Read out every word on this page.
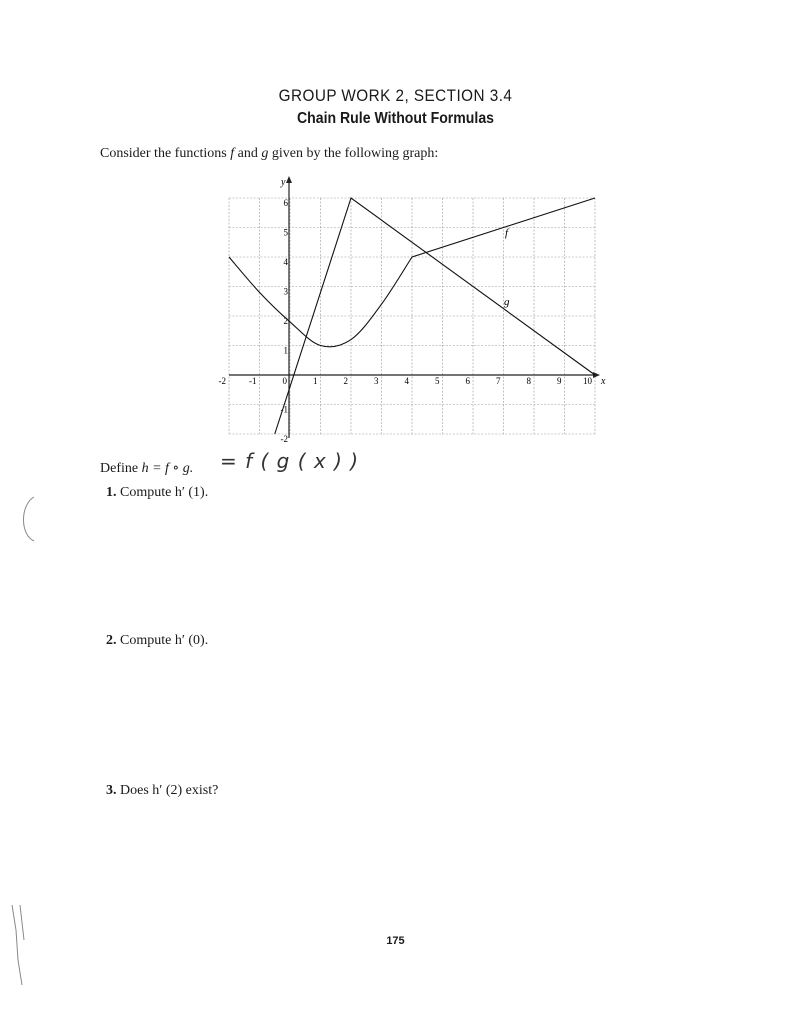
GROUP WORK 2, SECTION 3.4
Chain Rule Without Formulas
Consider the functions f and g given by the following graph:
-2	-1	0	1	2	3	4	5	6	7	8	9 10
-2
-1
1
2
3
4
5
6
y
x
f
g
Define h = f ∘ g. = f ( g ( x ) )
1. Compute h′ (1).
2. Compute h′ (0).
3. Does h′ (2) exist?
175
